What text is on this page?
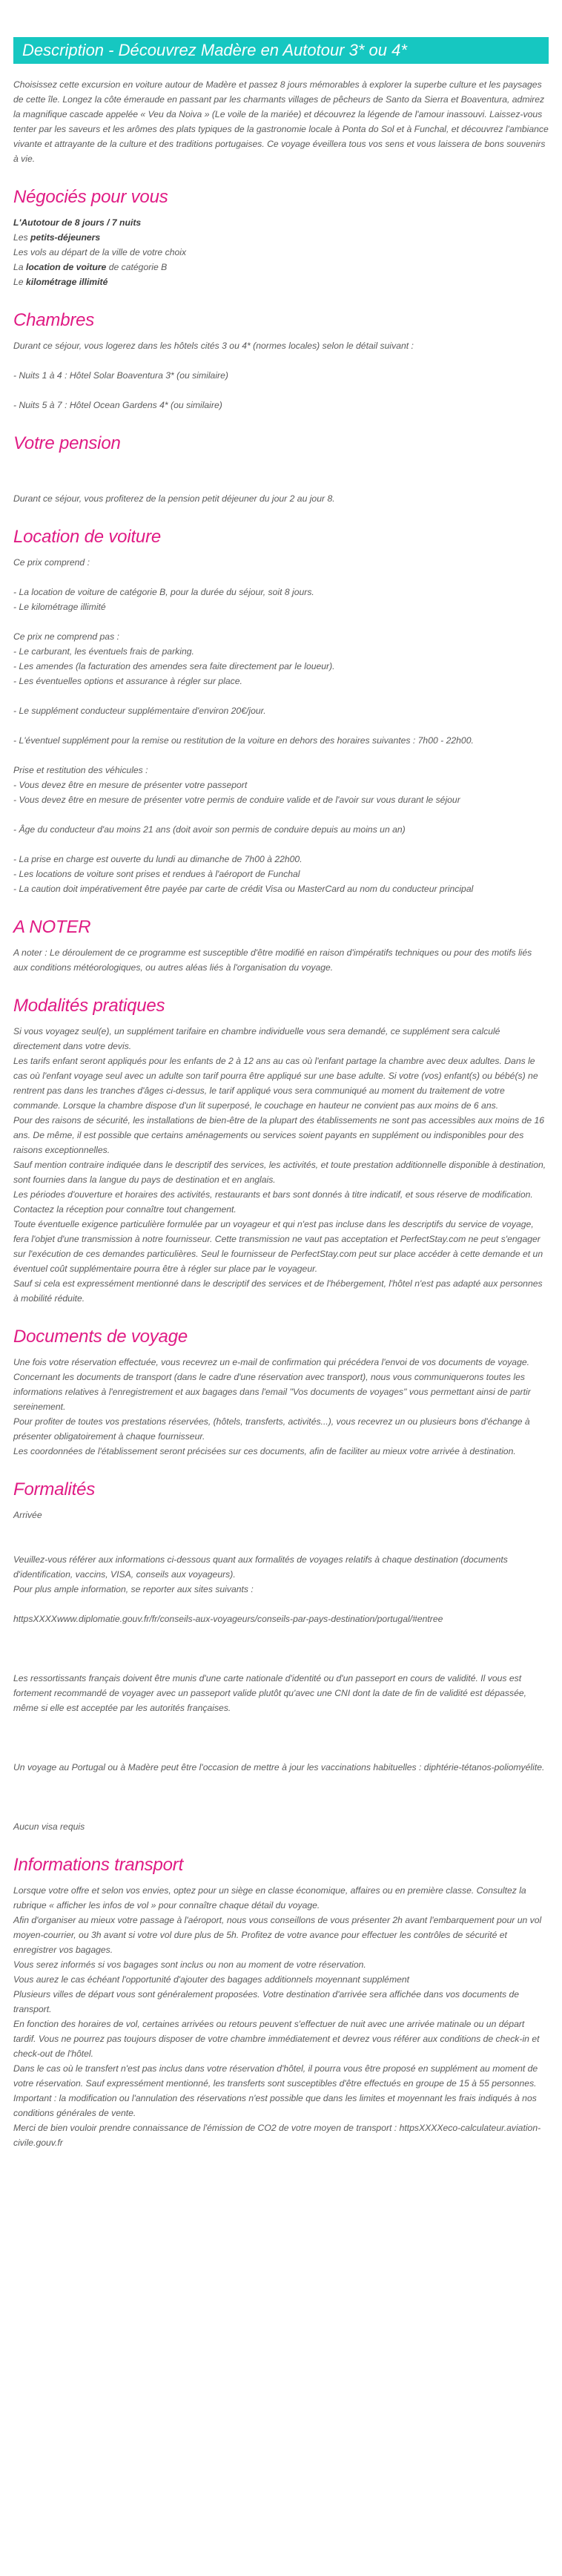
Description - Découvrez Madère en Autotour 3* ou 4*

Choisissez cette excursion en voiture autour de Madère et passez 8 jours mémorables à explorer la superbe culture et les paysages de cette île. Longez la côte émeraude en passant par les charmants villages de pêcheurs de Santo da Sierra et Boaventura, admirez la magnifique cascade appelée « Veu da Noiva » (Le voile de la mariée) et découvrez la légende de l'amour inassouvi. Laissez-vous tenter par les saveurs et les arômes des plats typiques de la gastronomie locale à Ponta do Sol et à Funchal, et découvrez l'ambiance vivante et attrayante de la culture et des traditions portugaises. Ce voyage éveillera tous vos sens et vous laissera de bons souvenirs à vie.

Négociés pour vous

L'Autotour de 8 jours / 7 nuits

Les petits-déjeuners

Les vols au départ de la ville de votre choix

La location de voiture de catégorie B

Le kilométrage illimité

Chambres

Durant ce séjour, vous logerez dans les hôtels cités 3 ou 4* (normes locales) selon le détail suivant :

- Nuits 1 à 4 : Hôtel Solar Boaventura 3* (ou similaire)

- Nuits 5 à 7 : Hôtel Ocean Gardens 4* (ou similaire)

Votre pension

Durant ce séjour, vous profiterez de la pension petit déjeuner du jour 2 au jour 8.

Location de voiture

Ce prix comprend :

- La location de voiture de catégorie B, pour la durée du séjour, soit 8 jours.

- Le kilométrage illimité

Ce prix ne comprend pas :

- Le carburant, les éventuels frais de parking.

- Les amendes (la facturation des amendes sera faite directement par le loueur).

- Les éventuelles options et assurance à régler sur place.

- Le supplément conducteur supplémentaire d'environ 20€/jour.

- L'éventuel supplément pour la remise ou restitution de la voiture en dehors des horaires suivantes : 7h00 - 22h00.

Prise et restitution des véhicules :

- Vous devez être en mesure de présenter votre passeport

- Vous devez être en mesure de présenter votre permis de conduire valide et de l'avoir sur vous durant le séjour

- Âge du conducteur d'au moins 21 ans (doit avoir son permis de conduire depuis au moins un an)

- La prise en charge est ouverte du lundi au dimanche de 7h00 à 22h00.

- Les locations de voiture sont prises et rendues à l'aéroport de Funchal

- La caution doit impérativement être payée par carte de crédit Visa ou MasterCard au nom du conducteur principal

A NOTER

A noter : Le déroulement de ce programme est susceptible d'être modifié en raison d'impératifs techniques ou pour des motifs liés aux conditions météorologiques, ou autres aléas liés à l'organisation du voyage.

Modalités pratiques

Si vous voyagez seul(e), un supplément tarifaire en chambre individuelle vous sera demandé, ce supplément sera calculé directement dans votre devis.
Les tarifs enfant seront appliqués pour les enfants de 2 à 12 ans au cas où l'enfant partage la chambre avec deux adultes. Dans le cas où l'enfant voyage seul avec un adulte son tarif pourra être appliqué sur une base adulte. Si votre (vos) enfant(s) ou bébé(s) ne rentrent pas dans les tranches d'âges ci-dessus, le tarif appliqué vous sera communiqué au moment du traitement de votre commande. Lorsque la chambre dispose d'un lit superposé, le couchage en hauteur ne convient pas aux moins de 6 ans.
Pour des raisons de sécurité, les installations de bien-être de la plupart des établissements ne sont pas accessibles aux moins de 16 ans. De même, il est possible que certains aménagements ou services soient payants en supplément ou indisponibles pour des raisons exceptionnelles.
Sauf mention contraire indiquée dans le descriptif des services, les activités, et toute prestation additionnelle disponible à destination, sont fournies dans la langue du pays de destination et en anglais.
Les périodes d'ouverture et horaires des activités, restaurants et bars sont donnés à titre indicatif, et sous réserve de modification. Contactez la réception pour connaître tout changement.
Toute éventuelle exigence particulière formulée par un voyageur et qui n'est pas incluse dans les descriptifs du service de voyage, fera l'objet d'une transmission à notre fournisseur. Cette transmission ne vaut pas acceptation et PerfectStay.com ne peut s'engager sur l'exécution de ces demandes particulières. Seul le fournisseur de PerfectStay.com peut sur place accéder à cette demande et un éventuel coût supplémentaire pourra être à régler sur place par le voyageur.
Sauf si cela est expressément mentionné dans le descriptif des services et de l'hébergement, l'hôtel n'est pas adapté aux personnes à mobilité réduite.

Documents de voyage

Une fois votre réservation effectuée, vous recevrez un e-mail de confirmation qui précédera l'envoi de vos documents de voyage.
Concernant les documents de transport (dans le cadre d'une réservation avec transport), nous vous communiquerons toutes les informations relatives à l'enregistrement et aux bagages dans l'email "Vos documents de voyages" vous permettant ainsi de partir sereinement.
Pour profiter de toutes vos prestations réservées, (hôtels, transferts, activités...), vous recevrez un ou plusieurs bons d'échange à présenter obligatoirement à chaque fournisseur.
Les coordonnées de l'établissement seront précisées sur ces documents, afin de faciliter au mieux votre arrivée à destination.

Formalités

Arrivée

Veuillez-vous référer aux informations ci-dessous quant aux formalités de voyages relatifs à chaque destination (documents d'identification, vaccins, VISA, conseils aux voyageurs).
Pour plus ample information, se reporter aux sites suivants :

httpsXXXXwww.diplomatie.gouv.fr/fr/conseils-aux-voyageurs/conseils-par-pays-destination/portugal/#entree

Les ressortissants français doivent être munis d'une carte nationale d'identité ou d'un passeport en cours de validité. Il vous est fortement recommandé de voyager avec un passeport valide plutôt qu'avec une CNI dont la date de fin de validité est dépassée, même si elle est acceptée par les autorités françaises.

Un voyage au Portugal ou à Madère peut être l'occasion de mettre à jour les vaccinations habituelles : diphtérie-tétanos-poliomyélite.

Aucun visa requis

Informations transport

Lorsque votre offre et selon vos envies, optez pour un siège en classe économique, affaires ou en première classe. Consultez la rubrique « afficher les infos de vol » pour connaître chaque détail du voyage.
Afin d'organiser au mieux votre passage à l'aéroport, nous vous conseillons de vous présenter 2h avant l'embarquement pour un vol moyen-courrier, ou 3h avant si votre vol dure plus de 5h. Profitez de votre avance pour effectuer les contrôles de sécurité et enregistrer vos bagages.
Vous serez informés si vos bagages sont inclus ou non au moment de votre réservation.
Vous aurez le cas échéant l'opportunité d'ajouter des bagages additionnels moyennant supplément
Plusieurs villes de départ vous sont généralement proposées. Votre destination d'arrivée sera affichée dans vos documents de transport.
En fonction des horaires de vol, certaines arrivées ou retours peuvent s'effectuer de nuit avec une arrivée matinale ou un départ tardif. Vous ne pourrez pas toujours disposer de votre chambre immédiatement et devrez vous référer aux conditions de check-in et check-out de l'hôtel.
Dans le cas où le transfert n'est pas inclus dans votre réservation d'hôtel, il pourra vous être proposé en supplément au moment de votre réservation. Sauf expressément mentionné, les transferts sont susceptibles d'être effectués en groupe de 15 à 55 personnes.
Important : la modification ou l'annulation des réservations n'est possible que dans les limites et moyennant les frais indiqués à nos conditions générales de vente.
Merci de bien vouloir prendre connaissance de l'émission de CO2 de votre moyen de transport : httpsXXXXeco-calculateur.aviation-civile.gouv.fr
